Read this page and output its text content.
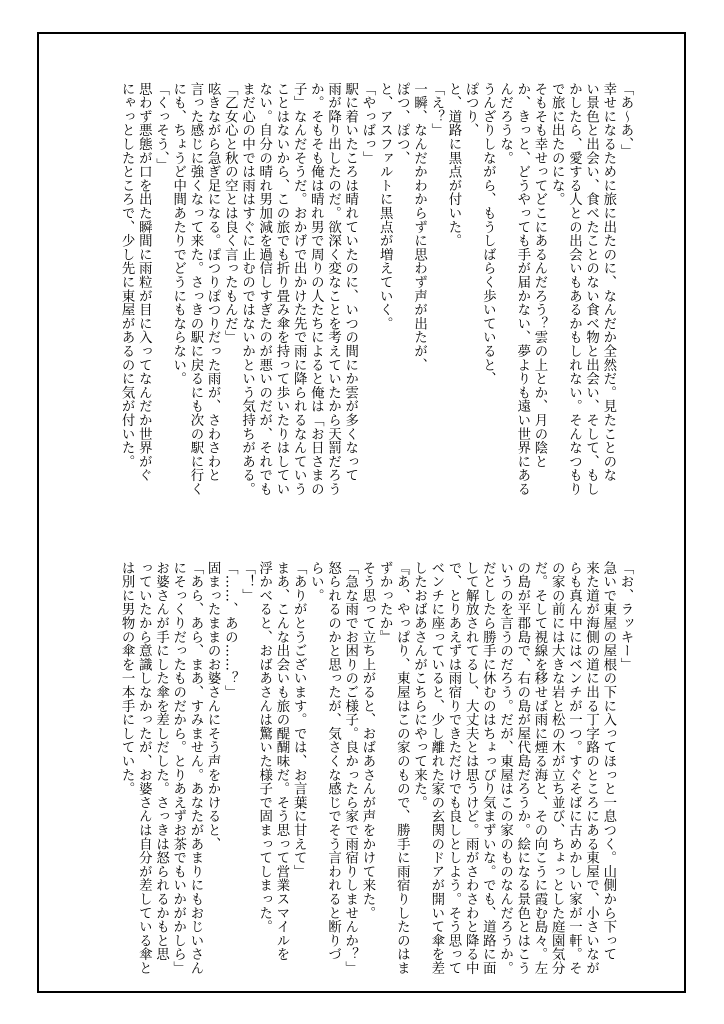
「あ〜あ、」
幸せになるために旅に出たのに、なんだか全然だ。見たことのな
い景色と出会い、食べたことのない食べ物と出会い、そして、もし
かしたら、愛する人との出会いもあるかもしれない。そんなつもり
で旅に出たのにな。
そもそも幸せってどこにあるんだろう？雲の上とか、月の陰と
か、きっと、どうやっても手が届かない、夢よりも遠い世界にある
んだろうな。
うんざりしながら、もうしばらく歩いていると、
ぽつり、
と、道路に黒点が付いた。
「え？」
一瞬、なんだかわからずに思わず声が出たが、
ぽつ、ぽつ、
と、アスファルトに黒点が増えていく。
「やっばっ」
駅に着いたころは晴れていたのに、いつの間にか雲が多くなって
雨が降り出したのだ。欲深く変なことを考えていたから天罰だろう
か。そもそも俺は晴れ男で周りの人たちによると俺は「お日さまの
子」なんだそうだ。おかげで出かけた先で雨に降られるなんていう
ことはないから、この旅でも折り畳み傘を持って歩いたりはしてい
ない。自分の晴れ男加減を過信しすぎたのが悪いのだが、それでも
まだ心の中では雨はすぐに止むのではないかという気持ちがある。
「乙女心と秋の空とは良く言ったもんだ」
呟きながら急ぎ足になる。ぽつりぽつりだった雨が、さわさわと
言った感じに強くなって来た。さっきの駅に戻るにも次の駅に行く
にも、ちょうど中間あたりでどうにもならない。
「くっそう、」
思わず悪態が口を出た瞬間に雨粒が目に入ってなんだか世界がぐ
にゃっとしたところで、少し先に東屋があるのに気が付いた。
「お、ラッキー」
急いで東屋の屋根の下に入ってほっと一息つく。山側から下って
来た道が海側の道に出る丁字路のところにある東屋で、小さいなが
らも真ん中にはベンチが一つ。すぐそばに古めかしい家が一軒。そ
の家の前には大きな岩と松の木が立ち並び、ちょっとした庭園気分
だ。そして視線を移せば雨に煙る海と、その向こうに霞む島々。左
の島が平郡島で、右の島が屋代島だろうか。絵になる景色とはこう
いうのを言うのだろう。だが、東屋はこの家のものなんだろうか。
だとしたら勝手に休むのはちょっぴり気まずいな。でも、道路に面
して解放されてるし、大丈夫とは思うけど。雨がさわさわと降る中
で、とりあえずは雨宿りできただけでも良しとしよう。そう思って
ベンチに座っていると、少し離れた家の玄関のドアが開いて傘を差
したおばあさんがこちらにやって来た。
『あ、やっぱり、東屋はこの家のもので、勝手に雨宿りしたのはま
ずかったか』
そう思って立ち上がると、おばあさんが声をかけて来た。
「急な雨でお困りのご様子。良かったら家で雨宿りしませんか？」
怒られるのかと思ったが、気さくな感じでそう言われると断りづ
らい。
「ありがとうございます。では、お言葉に甘えて」
まあ、こんな出会いも旅の醍醐味だ。そう思って営業スマイルを
浮かべると、おばあさんは驚いた様子で固まってしまった。
「！」
「……、あの……？」
固まったままのお婆さんにそう声をかけると、
「あら、あら、まあ、すみません。あなたがあまりにもおじいさん
にそっくりだったものだから。とりあえずお茶でもいかがかしら」
お婆さんが手にした傘を差しだした。さっきは怒られるかもと思
っていたから意識しなかったが、お婆さんは自分が差している傘と
は別に男物の傘を一本手にしていた。
